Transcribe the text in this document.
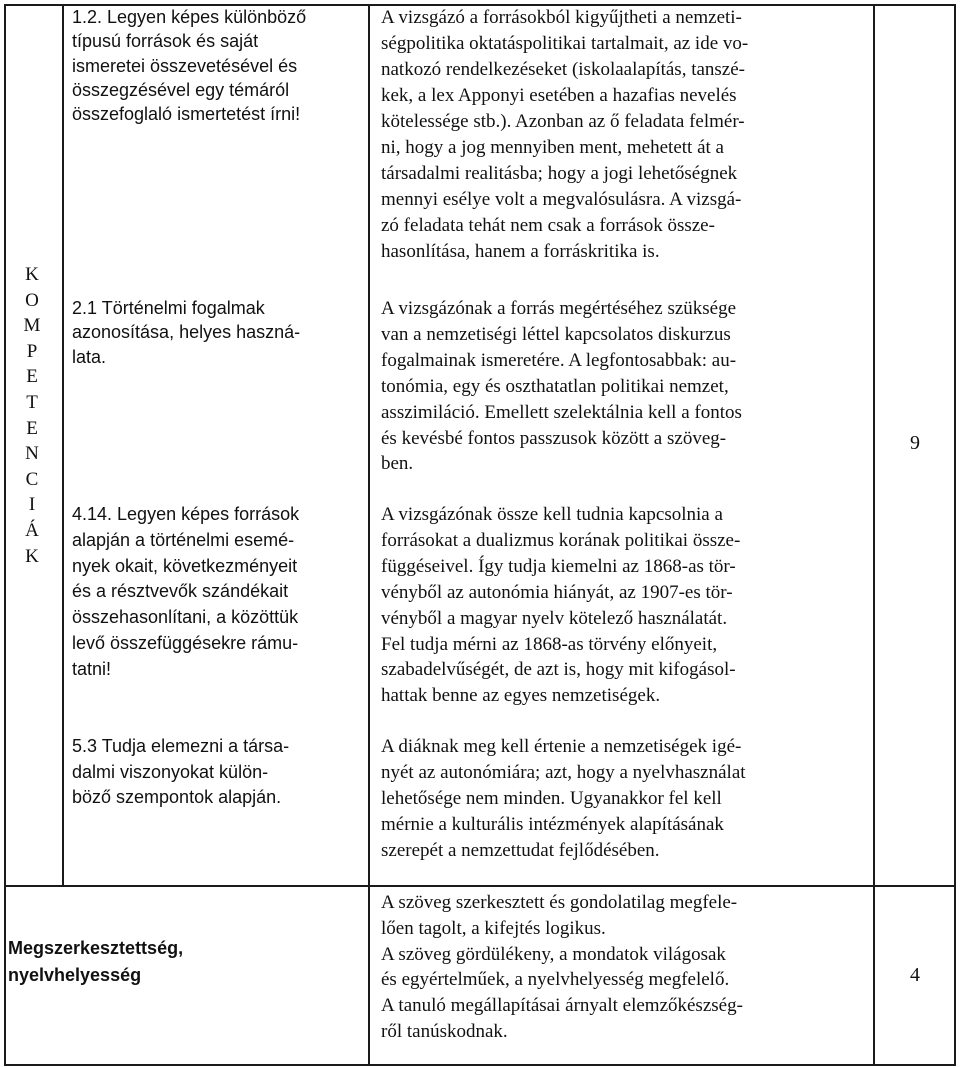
K
O
M
P
E
T
E
N
C
I
Á
K
1.2. Legyen képes különböző
típusú források és saját
ismeretei összevetésével és
összegzésével egy témáról
összefoglaló ismertetést írni!
2.1 Történelmi fogalmak
azonosítása, helyes haszná-
lata.
4.14. Legyen képes források
alapján a történelmi esemé-
nyek okait, következményeit
és a résztvevők szándékait
összehasonlítani, a közöttük
levő összefüggésekre rámu-
tatni!
5.3 Tudja elemezni a társa-
dalmi viszonyokat külön-
böző szempontok alapján.
A vizsgázó a forrásokból kigyűjtheti a nemzeti-
ségpolitika oktatáspolitikai tartalmait, az ide vo-
natkozó rendelkezéseket (iskolaalapítás, tanszé-
kek, a lex Apponyi esetében a hazafias nevelés
kötelessége stb.). Azonban az ő feladata felmér-
ni, hogy a jog mennyiben ment, mehetett át a
társadalmi realitásba; hogy a jogi lehetőségnek
mennyi esélye volt a megvalósulásra. A vizsgá-
zó feladata tehát nem csak a források össze-
hasonlítása, hanem a forráskritika is.
A vizsgázónak a forrás megértéséhez szüksége
van a nemzetiségi léttel kapcsolatos diskurzus
fogalmainak ismeretére. A legfontosabbak: au-
tonómia, egy és oszthatatlan politikai nemzet,
asszimiláció. Emellett szelektálnia kell a fontos
és kevésbé fontos passzusok között a szöveg-
ben.
A vizsgázónak össze kell tudnia kapcsolnia a
forrásokat a dualizmus korának politikai össze-
függéseivel. Így tudja kiemelni az 1868-as tör-
vényből az autonómia hiányát, az 1907-es tör-
vényből a magyar nyelv kötelező használatát.
Fel tudja mérni az 1868-as törvény előnyeit,
szabadelvűségét, de azt is, hogy mit kifogásol-
hattak benne az egyes nemzetiségek.
A diáknak meg kell értenie a nemzetiségek igé-
nyét az autonómiára; azt, hogy a nyelvhasználat
lehetősége nem minden. Ugyanakkor fel kell
mérnie a kulturális intézmények alapításának
szerepét a nemzettudat fejlődésében.
9
Megszerkesztettség,
nyelvhelyesség
A szöveg szerkesztett és gondolatilag megfele-
lően tagolt, a kifejtés logikus.
A szöveg gördülékeny, a mondatok világosak
és egyértelműek, a nyelvhelyesség megfelelő.
A tanuló megállapításai árnyalt elemzőkészség-
ről tanúskodnak.
4
